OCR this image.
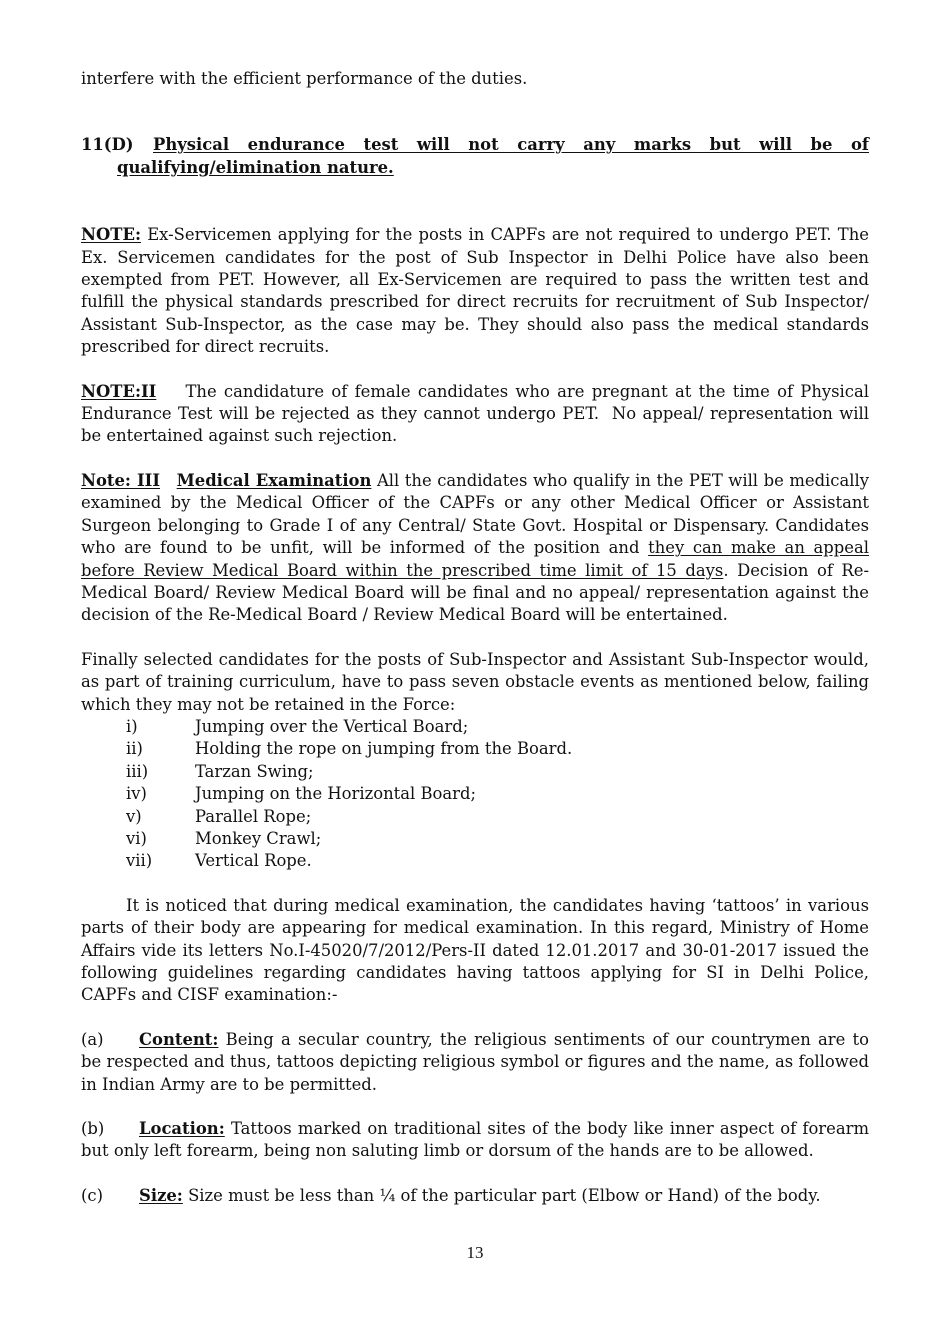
interfere with the efficient performance of the duties.

11(D)	Physical endurance test will not carry any marks but will be of
qualifying/elimination nature.

NOTE: Ex-Servicemen applying for the posts in CAPFs are not required to undergo PET. The Ex. Servicemen candidates for the post of Sub Inspector in Delhi Police have also been exempted from PET. However, all Ex-Servicemen are required to pass the written test and fulfill the physical standards prescribed for direct recruits for recruitment of Sub Inspector/ Assistant Sub-Inspector, as the case may be. They should also pass the medical standards prescribed for direct recruits.

NOTE:II    The candidature of female candidates who are pregnant at the time of Physical Endurance Test will be rejected as they cannot undergo PET.  No appeal/ representation will be entertained against such rejection.

Note: III Medical Examination All the candidates who qualify in the PET will be medically examined by the Medical Officer of the CAPFs or any other Medical Officer or Assistant Surgeon belonging to Grade I of any Central/ State Govt. Hospital or Dispensary. Candidates who are found to be unfit, will be informed of the position and they can make an appeal before Review Medical Board within the prescribed time limit of 15 days. Decision of Re-Medical Board/ Review Medical Board will be final and no appeal/ representation against the decision of the Re-Medical Board / Review Medical Board will be entertained.

Finally selected candidates for the posts of Sub-Inspector and Assistant Sub-Inspector would, as part of training curriculum, have to pass seven obstacle events as mentioned below, failing which they may not be retained in the Force:

i)	Jumping over the Vertical Board;
ii)	Holding the rope on jumping from the Board.
iii)	Tarzan Swing;
iv)	Jumping on the Horizontal Board;
v)	Parallel Rope;
vi)	Monkey Crawl;
vii)	Vertical Rope.

It is noticed that during medical examination, the candidates having ‘tattoos’ in various parts of their body are appearing for medical examination. In this regard, Ministry of Home Affairs vide its letters No.I-45020/7/2012/Pers-II dated 12.01.2017 and 30-01-2017 issued the following guidelines regarding candidates having tattoos applying for SI in Delhi Police, CAPFs and CISF examination:-

(a)	Content: Being a secular country, the religious sentiments of our countrymen are to be respected and thus, tattoos depicting religious symbol or figures and the name, as followed in Indian Army are to be permitted.

(b)	Location: Tattoos marked on traditional sites of the body like inner aspect of forearm but only left forearm, being non saluting limb or dorsum of the hands are to be allowed.

(c)	Size: Size must be less than ¼ of the particular part (Elbow or Hand) of the body.

13
